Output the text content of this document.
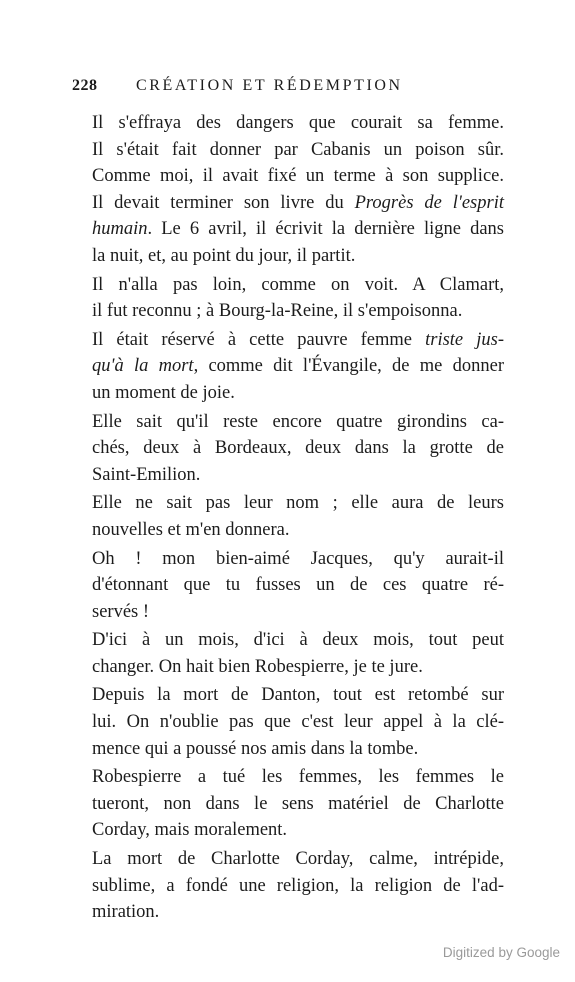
228 CRÉATION ET RÉDEMPTION
Il s'effraya des dangers que courait sa femme.
Il s'était fait donner par Cabanis un poison sûr.
Comme moi, il avait fixé un terme à son supplice.
Il devait terminer son livre du Progrès de l'esprit
humain. Le 6 avril, il écrivit la dernière ligne dans
la nuit, et, au point du jour, il partit.
Il n'alla pas loin, comme on voit. A Clamart,
il fut reconnu ; à Bourg-la-Reine, il s'empoisonna.
Il était réservé à cette pauvre femme triste jus-
qu'à la mort, comme dit l'Évangile, de me donner
un moment de joie.
Elle sait qu'il reste encore quatre girondins ca-
chés, deux à Bordeaux, deux dans la grotte de
Saint-Emilion.
Elle ne sait pas leur nom ; elle aura de leurs
nouvelles et m'en donnera.
Oh ! mon bien-aimé Jacques, qu'y aurait-il
d'étonnant que tu fusses un de ces quatre ré-
servés !
D'ici à un mois, d'ici à deux mois, tout peut
changer. On hait bien Robespierre, je te jure.
Depuis la mort de Danton, tout est retombé sur
lui. On n'oublie pas que c'est leur appel à la clé-
mence qui a poussé nos amis dans la tombe.
Robespierre a tué les femmes, les femmes le
tueront, non dans le sens matériel de Charlotte
Corday, mais moralement.
La mort de Charlotte Corday, calme, intrépide,
sublime, a fondé une religion, la religion de l'ad-
miration.
Digitized by Google
